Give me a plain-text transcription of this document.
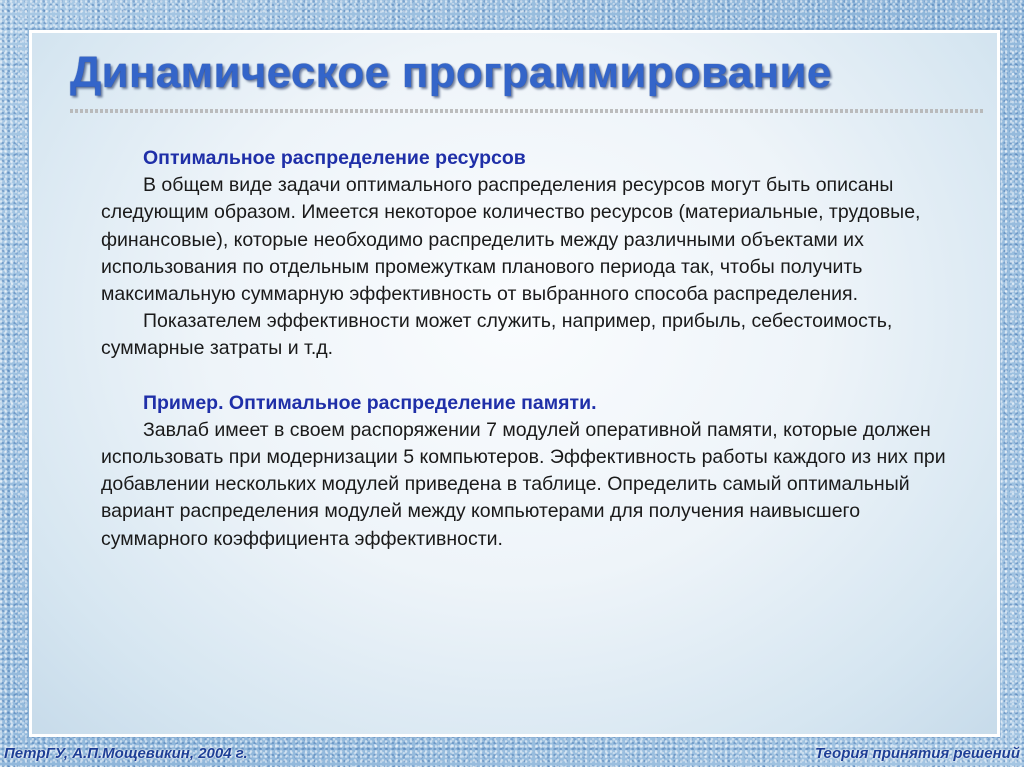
Динамическое программирование

Оптимальное распределение ресурсов

В общем виде задачи оптимального распределения ресурсов могут быть описаны следующим образом. Имеется некоторое количество ресурсов (материальные, трудовые, финансовые), которые необходимо распределить между различными объектами их использования по отдельным промежуткам планового периода так, чтобы получить максимальную суммарную эффективность от выбранного способа распределения.

Показателем эффективности может служить, например, прибыль, себестоимость, суммарные затраты и т.д.

Пример. Оптимальное распределение памяти.

Завлаб имеет в своем распоряжении 7 модулей оперативной памяти, которые должен использовать при модернизации 5 компьютеров. Эффективность работы каждого из них при добавлении нескольких модулей приведена в таблице. Определить самый оптимальный вариант распределения модулей между компьютерами для получения наивысшего суммарного коэффициента эффективности.

ПетрГУ, А.П.Мощевикин, 2004 г.	Теория принятия решений
